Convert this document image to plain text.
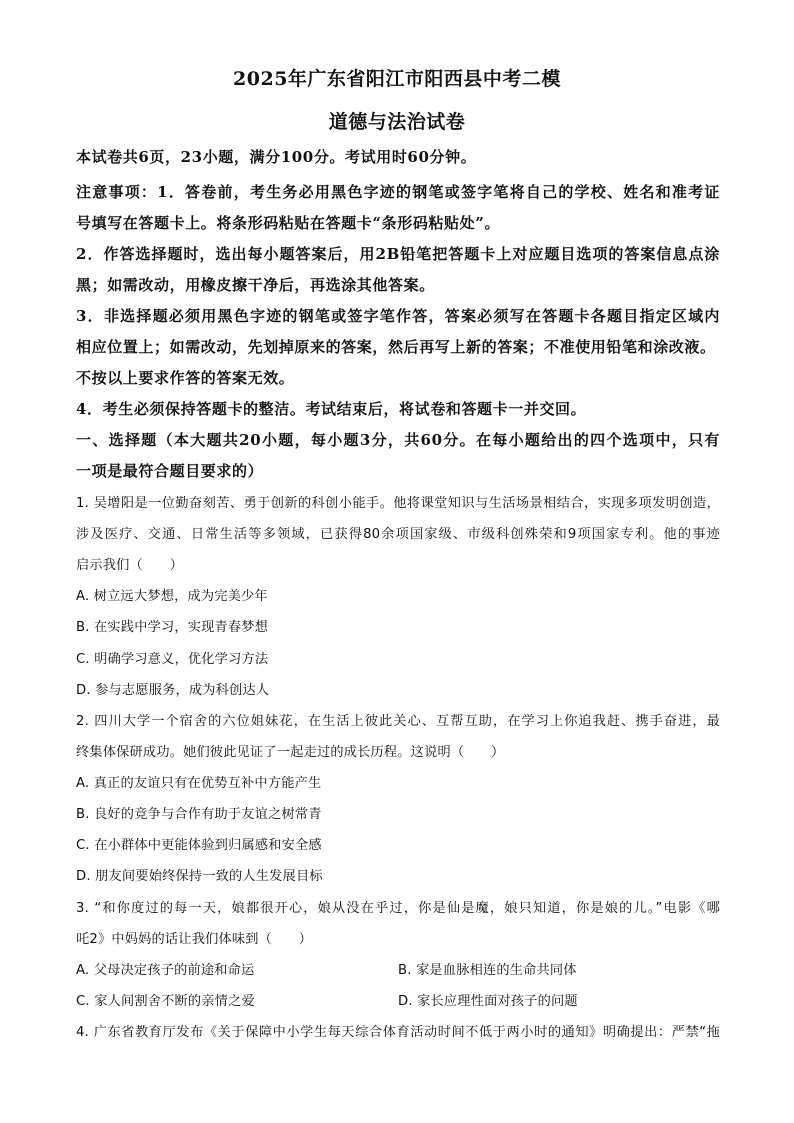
2025年广东省阳江市阳西县中考二模
道德与法治试卷
本试卷共6页，23小题，满分100分。考试用时60分钟。
注意事项：1．答卷前，考生务必用黑色字迹的钢笔或签字笔将自己的学校、姓名和准考证
号填写在答题卡上。将条形码粘贴在答题卡“条形码粘贴处”。
2．作答选择题时，选出每小题答案后，用2B铅笔把答题卡上对应题目选项的答案信息点涂
黑；如需改动，用橡皮擦干净后，再选涂其他答案。
3．非选择题必须用黑色字迹的钢笔或签字笔作答，答案必须写在答题卡各题目指定区域内
相应位置上；如需改动，先划掉原来的答案，然后再写上新的答案；不准使用铅笔和涂改液。
不按以上要求作答的答案无效。
4．考生必须保持答题卡的整洁。考试结束后，将试卷和答题卡一并交回。
一、选择题（本大题共20小题，每小题3分，共60分。在每小题给出的四个选项中，只有
一项是最符合题目要求的）
1. 吴增阳是一位勤奋刻苦、勇于创新的科创小能手。他将课堂知识与生活场景相结合，实现多项发明创造，
涉及医疗、交通、日常生活等多领域，已获得80余项国家级、市级科创殊荣和9项国家专利。他的事迹
启示我们（　　）
A. 树立远大梦想，成为完美少年
B. 在实践中学习，实现青春梦想
C. 明确学习意义，优化学习方法
D. 参与志愿服务，成为科创达人
2. 四川大学一个宿舍的六位姐妹花，在生活上彼此关心、互帮互助，在学习上你追我赶、携手奋进，最
终集体保研成功。她们彼此见证了一起走过的成长历程。这说明（　　）
A. 真正的友谊只有在优势互补中方能产生
B. 良好的竞争与合作有助于友谊之树常青
C. 在小群体中更能体验到归属感和安全感
D. 朋友间要始终保持一致的人生发展目标
3. “和你度过的每一天，娘都很开心，娘从没在乎过，你是仙是魔，娘只知道，你是娘的儿。”电影《哪
吒2》中妈妈的话让我们体味到（　　）
A. 父母决定孩子的前途和命运	B. 家是血脉相连的生命共同体
C. 家人间割舍不断的亲情之爱	D. 家长应理性面对孩子的问题
4. 广东省教育厅发布《关于保障中小学生每天综合体育活动时间不低于两小时的通知》明确提出：严禁“拖
